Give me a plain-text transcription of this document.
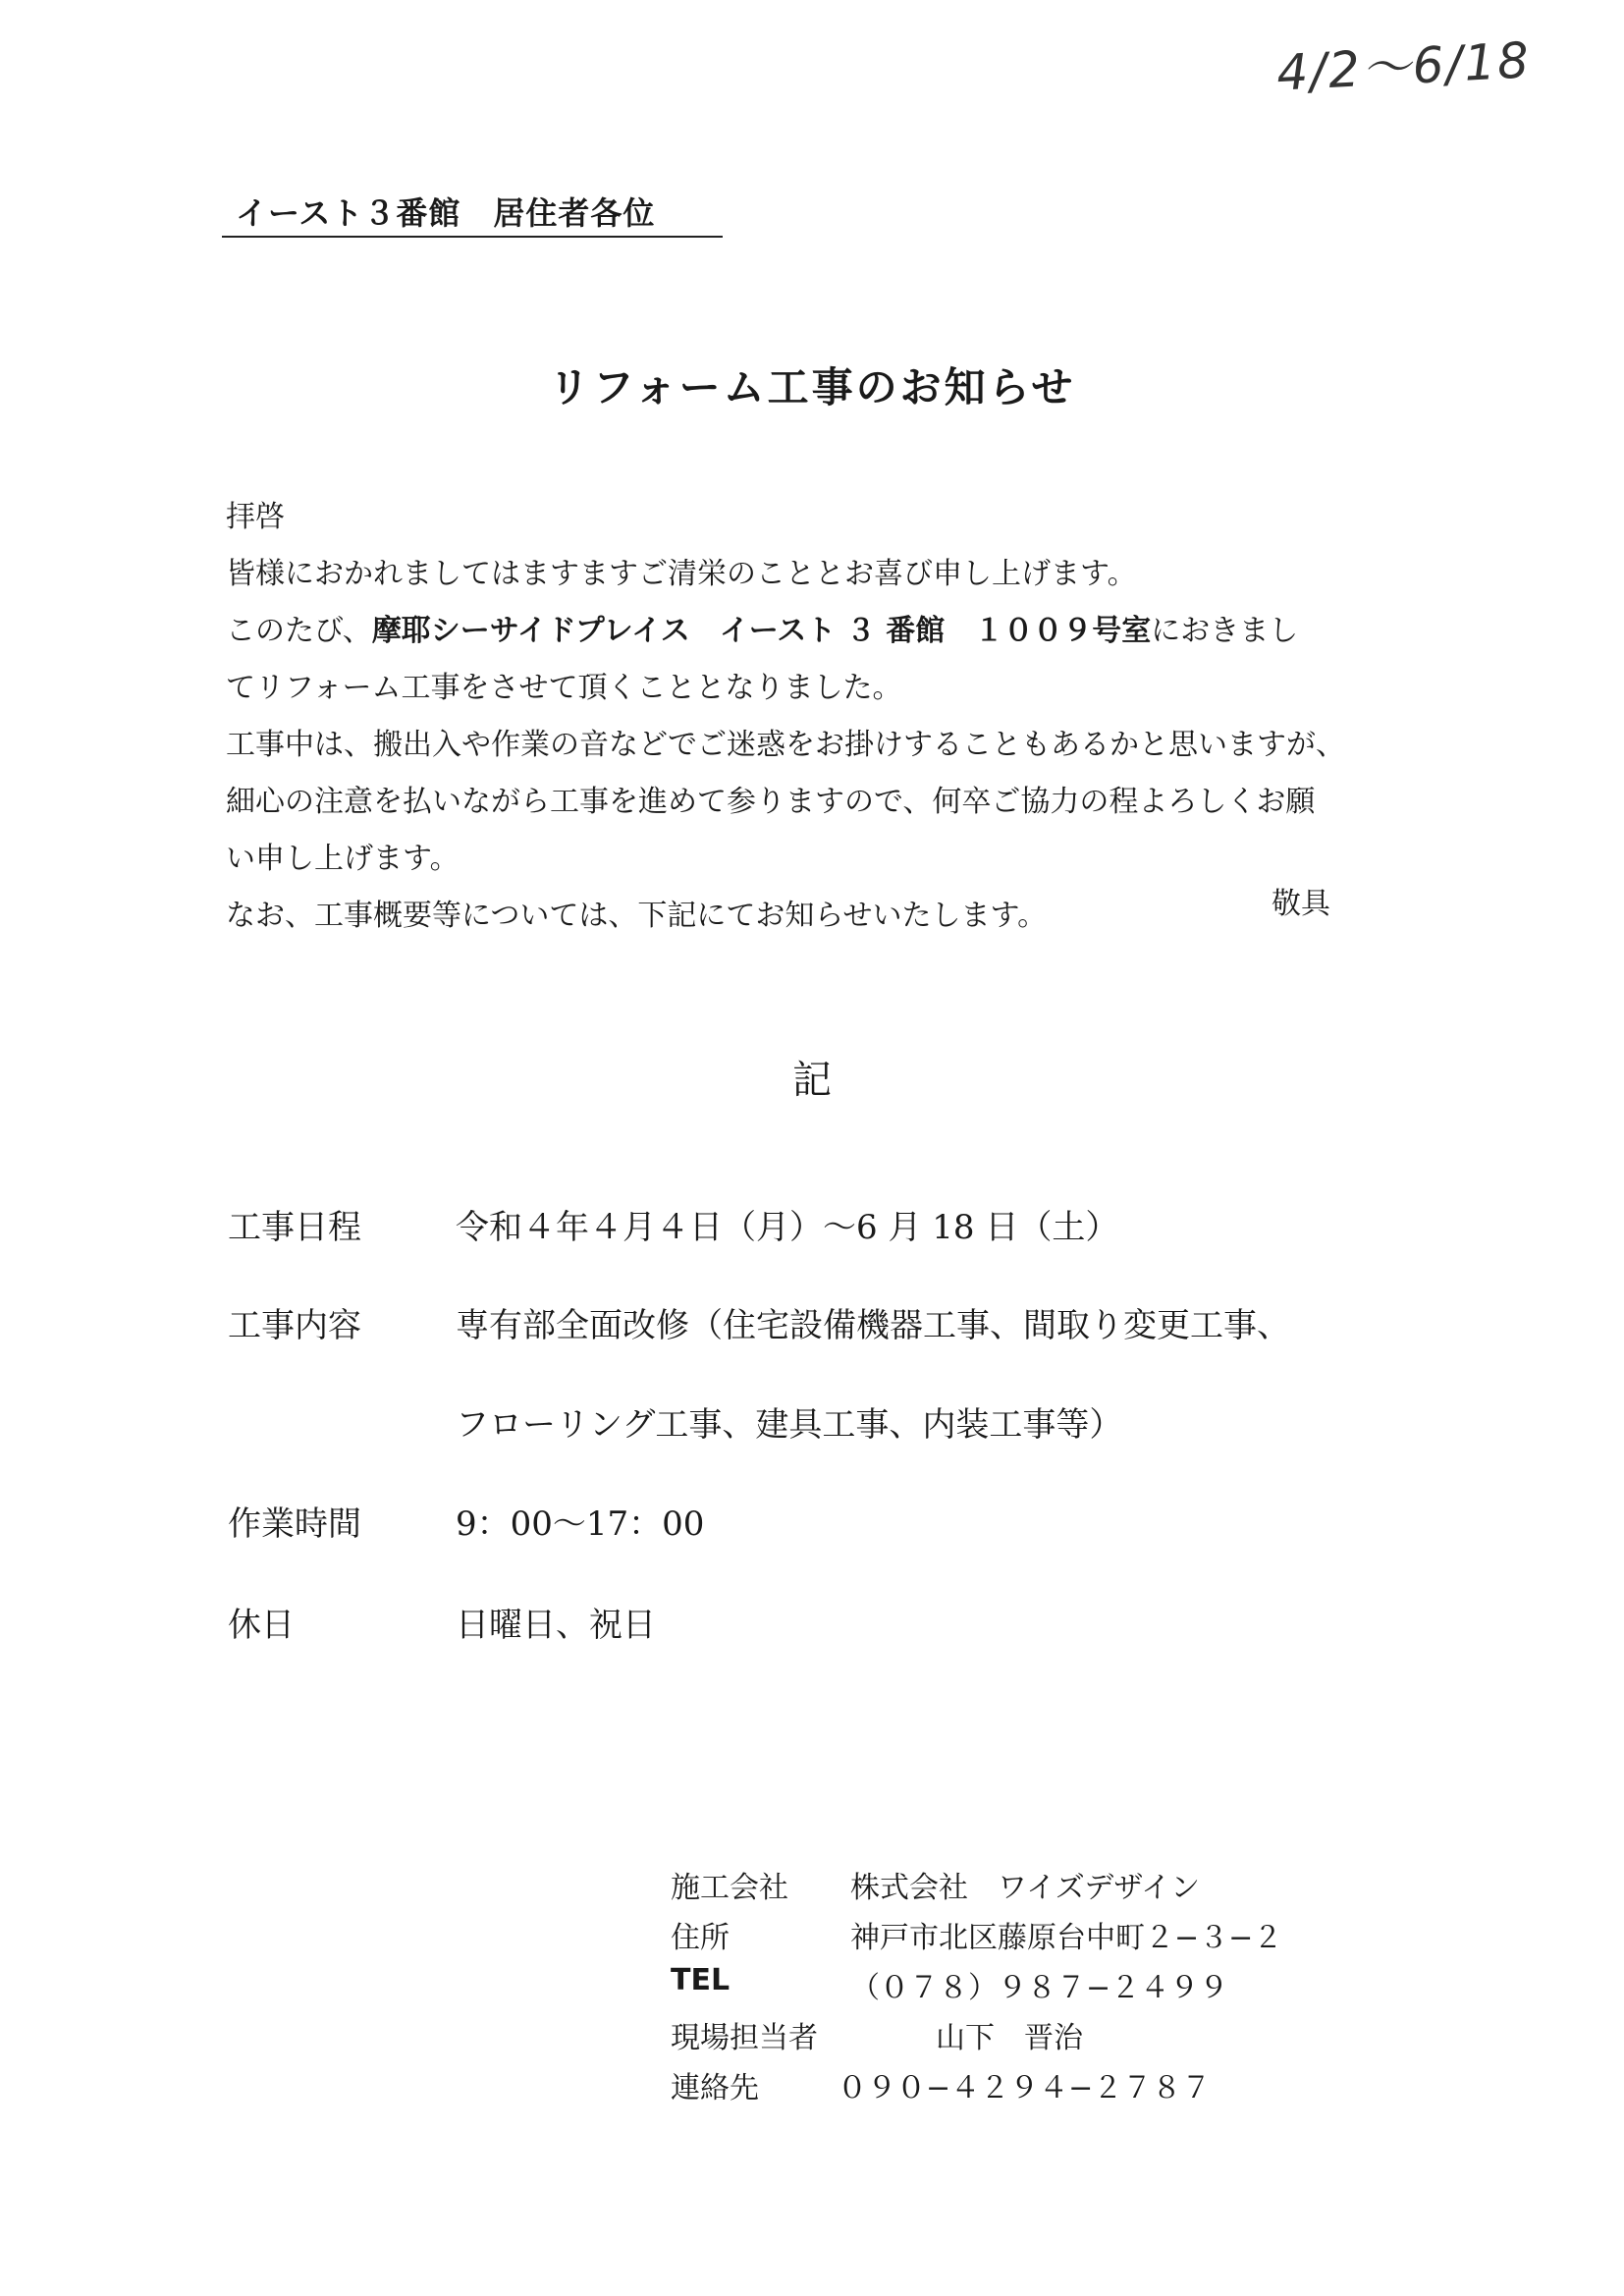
4/2〜6/18
イースト３番館　居住者各位
リフォーム工事のお知らせ

拝啓

皆様におかれましてはますますご清栄のこととお喜び申し上げます。

このたび、摩耶シーサイドプレイス　イースト ３ 番館　１００９号室におきまし

てリフォーム工事をさせて頂くこととなりました。

工事中は、搬出入や作業の音などでご迷惑をお掛けすることもあるかと思いますが、

細心の注意を払いながら工事を進めて参りますので、何卒ご協力の程よろしくお願

い申し上げます。

なお、工事概要等については、下記にてお知らせいたします。	敬具
記
工事日程	令和４年４月４日（月）〜6 月 18 日（土）
工事内容	専有部全面改修（住宅設備機器工事、間取り変更工事、
フローリング工事、建具工事、内装工事等）
作業時間	9：00〜17：00
休日	日曜日、祝日
施工会社 株式会社　ワイズデザイン
住所	神戸市北区藤原台中町２−３−２
TEL	（０７８）９８７−２４９９
現場担当者	山下　晋治
連絡先	０９０−４２９４−２７８７
